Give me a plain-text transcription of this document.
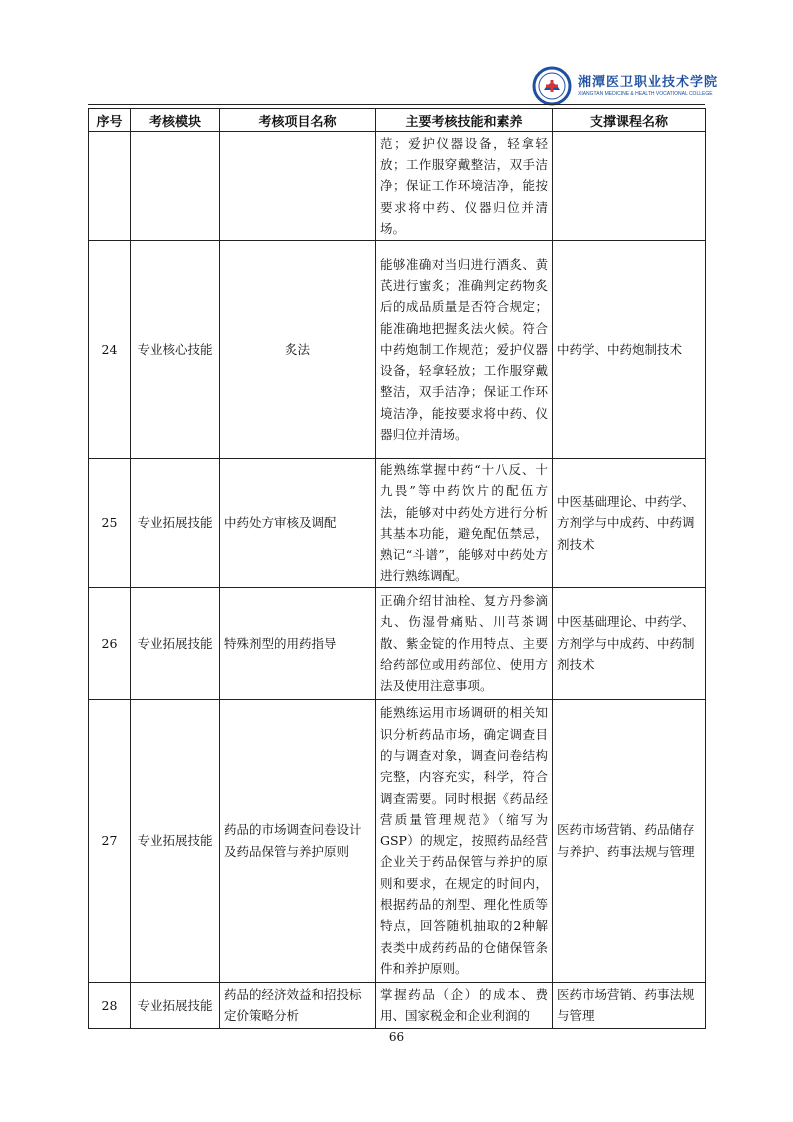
湘潭医卫职业技术学院
XIANGTAN MEDICINE & HEALTH VOCATIONAL COLLEGE
序号	考核模块	考核项目名称	主要考核技能和素养	支撑课程名称
			范；爱护仪器设备，轻拿轻放；工作服穿戴整洁，双手洁净；保证工作环境洁净，能按要求将中药、仪器归位并清场。	
24	专业核心技能	炙法	能够准确对当归进行酒炙、黄芪进行蜜炙；准确判定药物炙后的成品质量是否符合规定；能准确地把握炙法火候。符合中药炮制工作规范；爱护仪器设备，轻拿轻放；工作服穿戴整洁，双手洁净；保证工作环境洁净，能按要求将中药、仪器归位并清场。	中药学、中药炮制技术
25	专业拓展技能	中药处方审核及调配	能熟练掌握中药“十八反、十九畏”等中药饮片的配伍方法，能够对中药处方进行分析其基本功能，避免配伍禁忌，熟记“斗谱”，能够对中药处方进行熟练调配。	中医基础理论、中药学、方剂学与中成药、中药调剂技术
26	专业拓展技能	特殊剂型的用药指导	正确介绍甘油栓、复方丹参滴丸、伤湿骨痛贴、川芎茶调散、紫金锭的作用特点、主要给药部位或用药部位、使用方法及使用注意事项。	中医基础理论、中药学、方剂学与中成药、中药制剂技术
27	专业拓展技能	药品的市场调查问卷设计及药品保管与养护原则	能熟练运用市场调研的相关知识分析药品市场，确定调查目的与调查对象，调查问卷结构完整，内容充实，科学，符合调查需要。同时根据《药品经营质量管理规范》（缩写为GSP）的规定，按照药品经营企业关于药品保管与养护的原则和要求，在规定的时间内，根据药品的剂型、理化性质等特点，回答随机抽取的2种解表类中成药药品的仓储保管条件和养护原则。	医药市场营销、药品储存与养护、药事法规与管理
28	专业拓展技能	药品的经济效益和招投标定价策略分析	掌握药品（企）的成本、费用、国家税金和企业利润的	医药市场营销、药事法规与管理
66
